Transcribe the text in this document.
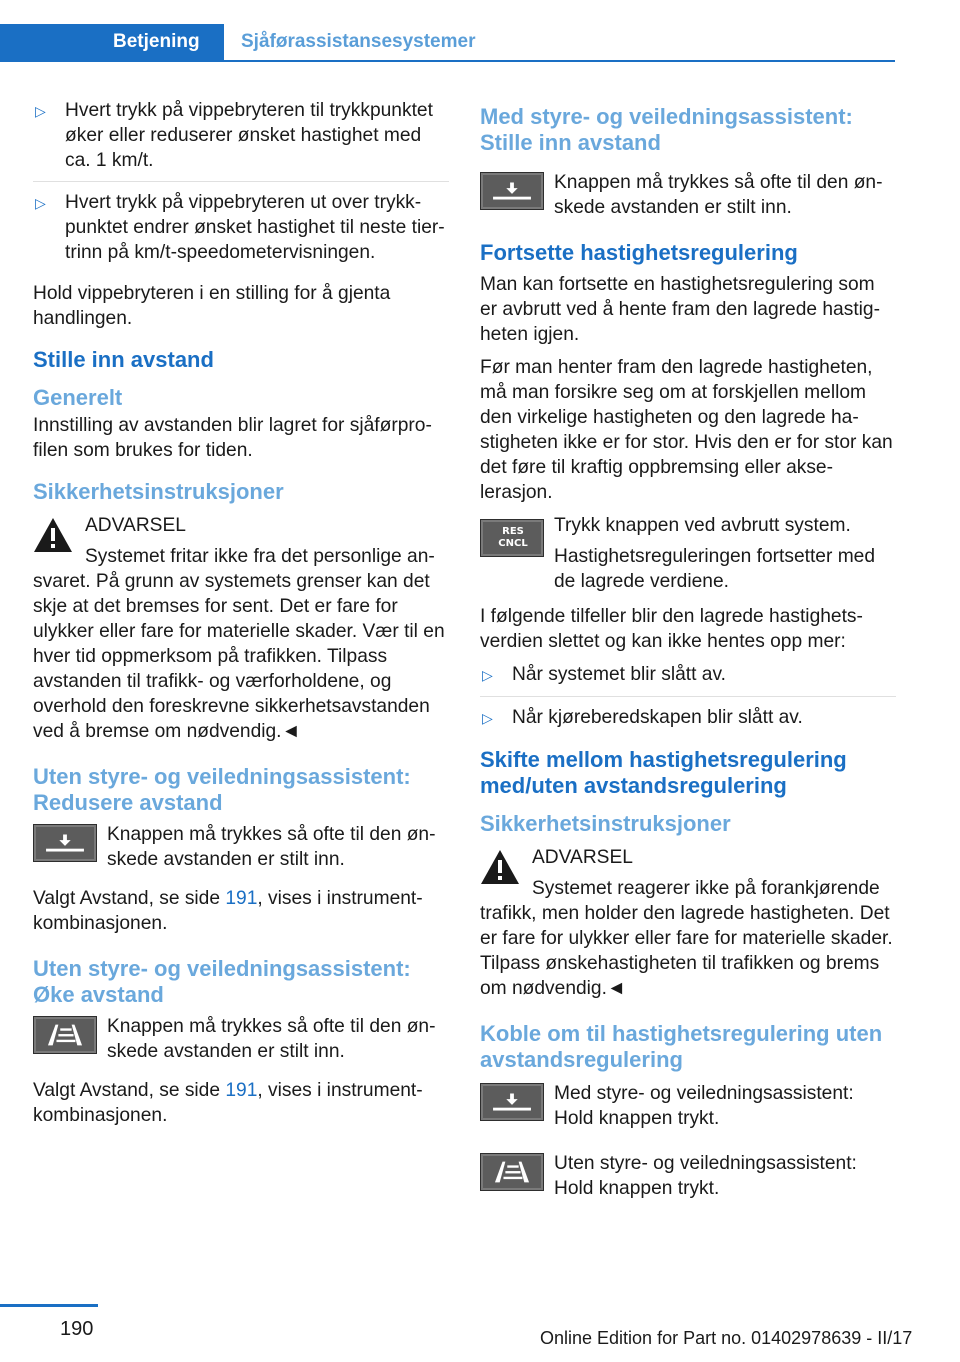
Betjening	Sjåførassistansesystemer
▷	Hvert trykk på vippebryteren til trykkpunktet øker eller reduserer ønsket hastighet med ca. 1 km/t.
▷	Hvert trykk på vippebryteren ut over trykkpunktet endrer ønsket hastighet til neste tier-trinn på km/t-speedometervisningen.

Hold vippebryteren i en stilling for å gjenta handlingen.

Stille inn avstand
Generelt

Innstilling av avstanden blir lagret for sjåførprofilen som brukes for tiden.

Sikkerhetsinstruksjoner
ADVARSEL

Systemet fritar ikke fra det personlige ansvaret. På grunn av systemets grenser kan det skje at det bremses for sent. Det er fare for ulykker eller fare for materielle skader. Vær til en hver tid oppmerksom på trafikken. Tilpass avstanden til trafikk- og værforholdene, og overhold den foreskrevne sikkerhetsavstanden ved å bremse om nødvendig.◄

Uten styre- og veiledningsassistent: Redusere avstand
Knappen må trykkes så ofte til den ønskede avstanden er stilt inn.

Valgt Avstand, se side 191, vises i instrumentkombinasjonen.

Uten styre- og veiledningsassistent: Øke avstand
Knappen må trykkes så ofte til den ønskede avstanden er stilt inn.

Valgt Avstand, se side 191, vises i instrumentkombinasjonen.

Med styre- og veiledningsassistent: Stille inn avstand
Knappen må trykkes så ofte til den ønskede avstanden er stilt inn.
Fortsette hastighetsregulering

Man kan fortsette en hastighetsregulering som er avbrutt ved å hente fram den lagrede hastigheten igjen.

Før man henter fram den lagrede hastigheten, må man forsikre seg om at forskjellen mellom den virkelige hastigheten og den lagrede hastigheten ikke er for stor. Hvis den er for stor kan det føre til kraftig oppbremsing eller akselerasjon.

RES
CNCL
Trykk knappen ved avbrutt system.
Hastighetsreguleringen fortsetter med de lagrede verdiene.

I følgende tilfeller blir den lagrede hastighetsverdien slettet og kan ikke hentes opp mer:

▷	Når systemet blir slått av.
▷	Når kjøreberedskapen blir slått av.
Skifte mellom hastighetsregulering med/uten avstandsregulering
Sikkerhetsinstruksjoner
ADVARSEL

Systemet reagerer ikke på forankjørende trafikk, men holder den lagrede hastigheten. Det er fare for ulykker eller fare for materielle skader. Tilpass ønskehastigheten til trafikken og brems om nødvendig.◄

Koble om til hastighetsregulering uten avstandsregulering
Med styre- og veiledningsassistent: Hold knappen trykt.
Uten styre- og veiledningsassistent: Hold knappen trykt.
190	Online Edition for Part no. 01402978639 - II/17
